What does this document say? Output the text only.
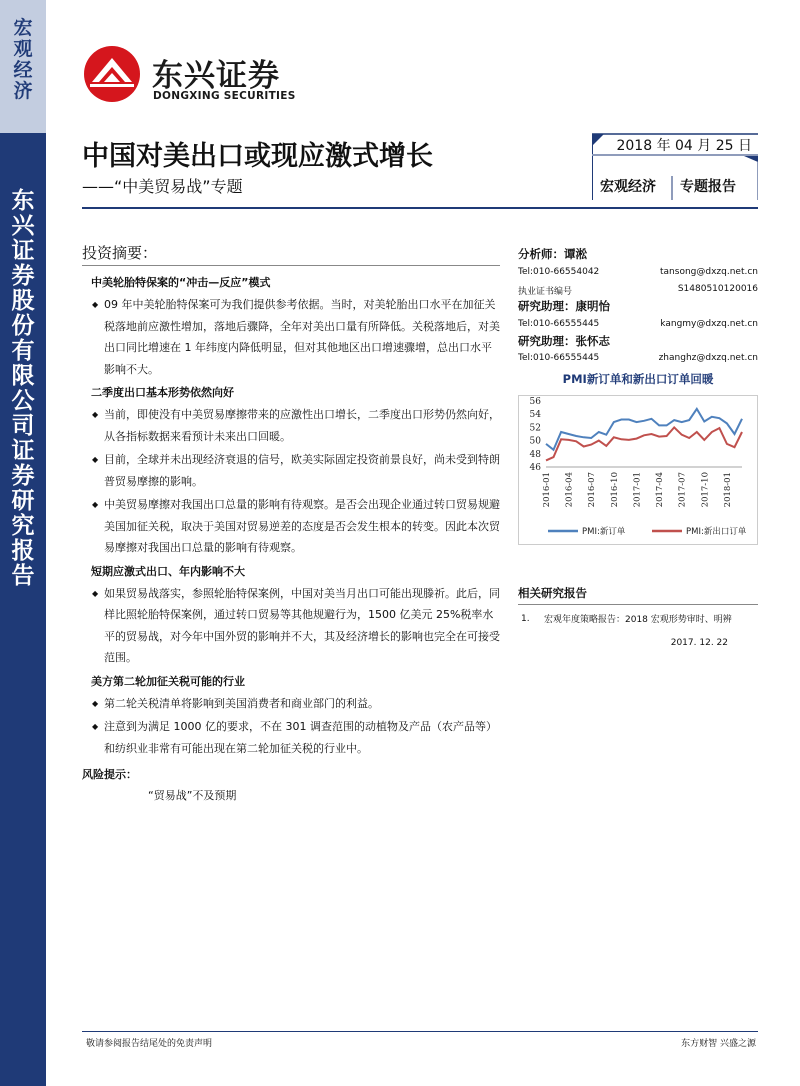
宏
观
经
济
东
兴
证
券
股
份
有
限
公
司
证
券
研
究
报
告
东兴证券
DONGXING SECURITIES
中国对美出口或现应激式增长
——“中美贸易战”专题
2018 年 04 月 25 日
宏观经济 专题报告
投资摘要：
中美轮胎特保案的“冲击—反应”模式
◆ 09 年中美轮胎特保案可为我们提供参考依据。当时，对美轮胎出口水平在加征关税落地前应激性增加，落地后骤降，全年对美出口量有所降低。关税落地后，对美出口同比增速在 1 年纬度内降低明显，但对其他地区出口增速骤增，总出口水平影响不大。
二季度出口基本形势依然向好
◆ 当前，即使没有中美贸易摩擦带来的应激性出口增长，二季度出口形势仍然向好，从各指标数据来看预计未来出口回暖。
◆ 目前，全球并未出现经济衰退的信号，欧美实际固定投资前景良好，尚未受到特朗普贸易摩擦的影响。
◆ 中美贸易摩擦对我国出口总量的影响有待观察。是否会出现企业通过转口贸易规避美国加征关税，取决于美国对贸易逆差的态度是否会发生根本的转变。因此本次贸易摩擦对我国出口总量的影响有待观察。
短期应激式出口、年内影响不大
◆ 如果贸易战落实，参照轮胎特保案例，中国对美当月出口可能出现滕祈。此后，同样比照轮胎特保案例，通过转口贸易等其他规避行为，1500 亿美元 25%税率水平的贸易战，对今年中国外贸的影响并不大，其及经济增长的影响也完全在可接受范围。
美方第二轮加征关税可能的行业
◆ 第二轮关税清单将影响到美国消费者和商业部门的利益。
◆ 注意到为满足 1000 亿的要求，不在 301 调查范围的动植物及产品（农产品等）和纺织业非常有可能出现在第二轮加征关税的行业中。
风险提示：
“贸易战”不及预期
分析师：谭淞
Tel:010-66554042	tansong@dxzq.net.cn
执业证书编号	S1480510120016
研究助理：康明怡
Tel:010-66555445	kangmy@dxzq.net.cn
研究助理：张怀志
Tel:010-66555445	zhanghz@dxzq.net.cn
PMI新订单和新出口订单回暖
46
48
50
52
54
56
2016-01 2016-04 2016-07 2016-10 2017-01 2017-04 2017-07 2017-10 2018-01
PMI:新订单	PMI:新出口订单
相关研究报告
1. 宏观年度策略报告：2018 宏观形势审时、明辨
2017. 12. 22
敬请参阅报告结尾处的免责声明	东方财智 兴盛之源
